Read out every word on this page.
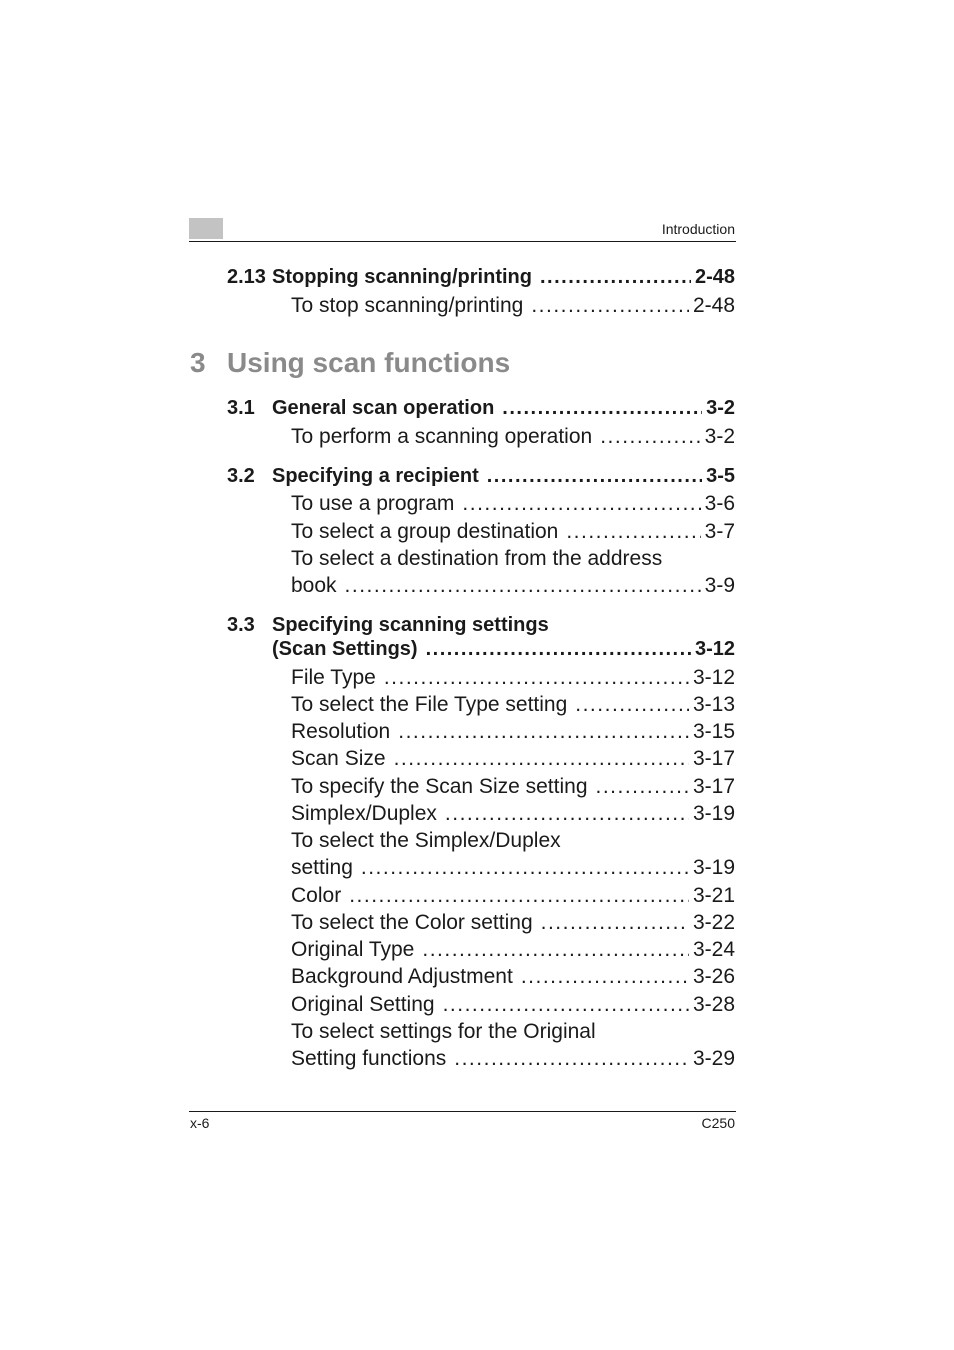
Introduction
2.13 Stopping scanning/printing .....	2-48
To stop scanning/printing .....	2-48
3 Using scan functions
3.1 General scan operation .....	3-2
To perform a scanning operation .....	3-2
3.2 Specifying a recipient .....	3-5
To use a program .....	3-6
To select a group destination .....	3-7
To select a destination from the address
book .....	3-9
3.3 Specifying scanning settings
(Scan Settings) .....	3-12
File Type .....	3-12
To select the File Type setting .....	3-13
Resolution .....	3-15
Scan Size .....	3-17
To specify the Scan Size setting .....	3-17
Simplex/Duplex .....	3-19
To select the Simplex/Duplex
setting .....	3-19
Color .....	3-21
To select the Color setting .....	3-22
Original Type .....	3-24
Background Adjustment .....	3-26
Original Setting .....	3-28
To select settings for the Original
Setting functions .....	3-29
x-6	C250
